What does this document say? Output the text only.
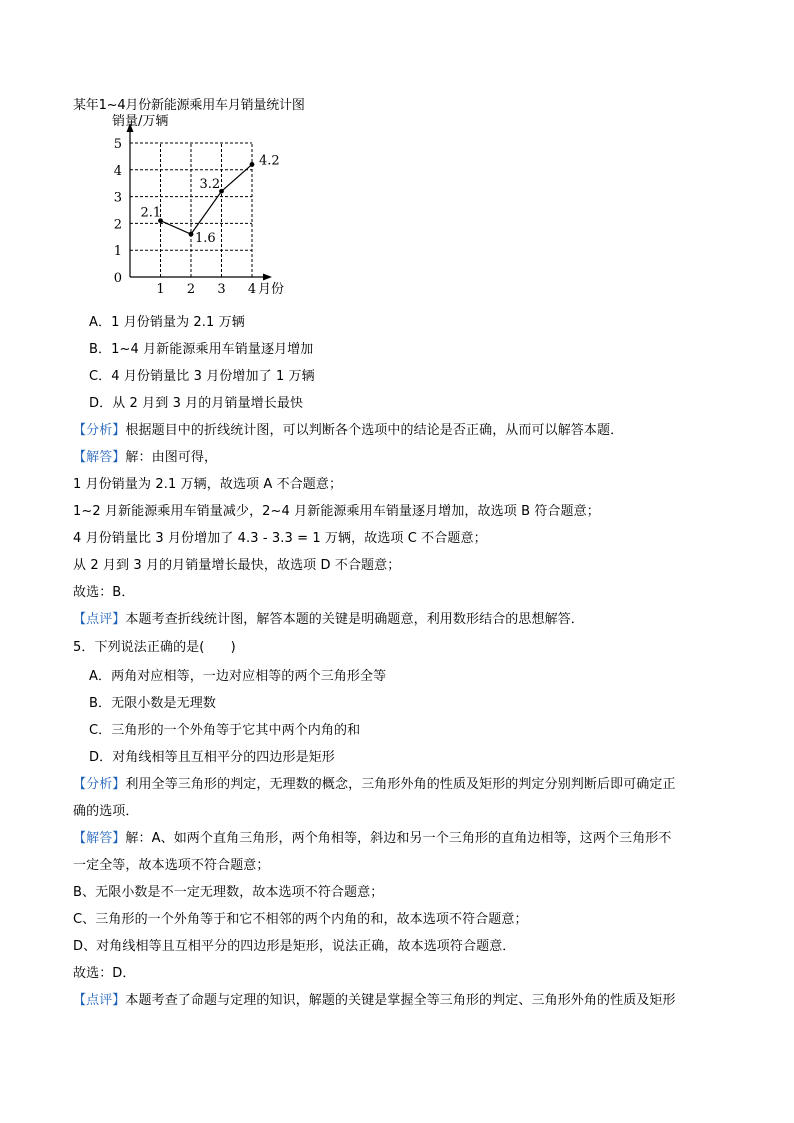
某年1~4月份新能源乘用车月销量统计图
1 2 3 4
0
1
2
3
4
5
2.1
1.6
3.2
4.2
销量/万辆
月份
A．1 月份销量为 2.1 万辆
B．1~4 月新能源乘用车销量逐月增加
C．4 月份销量比 3 月份增加了 1 万辆
D．从 2 月到 3 月的月销量增长最快
【分析】根据题目中的折线统计图，可以判断各个选项中的结论是否正确，从而可以解答本题．
【解答】解：由图可得，
1 月份销量为 2.1 万辆，故选项 A 不合题意；
1~2 月新能源乘用车销量减少，2~4 月新能源乘用车销量逐月增加，故选项 B 符合题意；
4 月份销量比 3 月份增加了 4.3 - 3.3 = 1 万辆，故选项 C 不合题意；
从 2 月到 3 月的月销量增长最快，故选项 D 不合题意；
故选：B．
【点评】本题考查折线统计图，解答本题的关键是明确题意，利用数形结合的思想解答．
5．下列说法正确的是(　　)
A．两角对应相等，一边对应相等的两个三角形全等
B．无限小数是无理数
C．三角形的一个外角等于它其中两个内角的和
D．对角线相等且互相平分的四边形是矩形
【分析】利用全等三角形的判定，无理数的概念，三角形外角的性质及矩形的判定分别判断后即可确定正
确的选项．
【解答】解：A、如两个直角三角形，两个角相等，斜边和另一个三角形的直角边相等，这两个三角形不
一定全等，故本选项不符合题意；
B、无限小数是不一定无理数，故本选项不符合题意；
C、三角形的一个外角等于和它不相邻的两个内角的和，故本选项不符合题意；
D、对角线相等且互相平分的四边形是矩形，说法正确，故本选项符合题意．
故选：D．
【点评】本题考查了命题与定理的知识，解题的关键是掌握全等三角形的判定、三角形外角的性质及矩形
